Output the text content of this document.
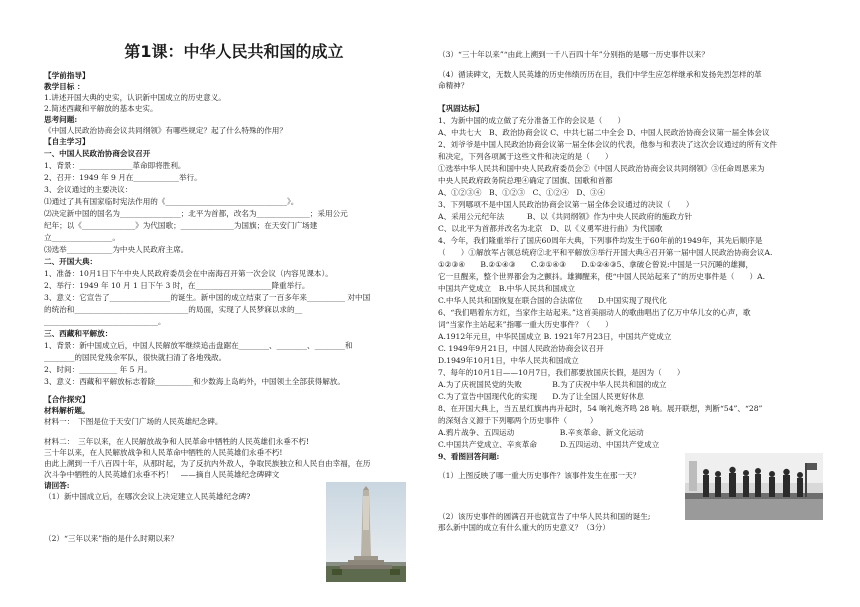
第1课：中华人民共和国的成立
【学前指导】
教学目标 ：
1.讲述开国大典的史实，认识新中国成立的历史意义。
2.简述西藏和平解放的基本史实。
思考问题:
《中国人民政治协商会议共同纲领》有哪些规定？起了什么特殊的作用？
【自主学习】
一、中国人民政治协商会议召开
1、背景：______________革命即将胜利。
2、召开：1949 年 9 月在____________举行。
3、会议通过的主要决议：
⑴通过了具有国家临时宪法作用的《________________________________》。
⑵决定新中国的国名为________________；北平为首都，改名为______________；采用公元
纪年；以《______________》为代国歌；______________为国旗；在天安门广场建
立________________。
⑶选举____________为中央人民政府主席。
二、开国大典：
1、准备：10月1日下午中央人民政府委员会在中南海召开第一次会议（内容见课本）。
2、举行：1949 年 10 月 1 日下午 3 时，在____________________降重举行。
3、意义：它宣告了________________的诞生。新中国的成立结束了一百多年来__________ 对中国
的统治和______________________________的局面，实现了人民梦寐以求的__
______________________________。
三、西藏和平解放：
1、背景：新中国成立后，中国人民解放军继续追击盘踞在________、________、________和
________的国民党残余军队，很快就扫清了各地残敌。
2、时间：__________ 年 5 月。
3、意义：西藏和平解放标志着除__________和少数海上岛屿外，中国领土全部获得解放。
【合作探究】
材料解析题。
材料一：　下图是位于天安门广场的人民英雄纪念碑。
材料二：　三年以来，在人民解放战争和人民革命中牺牲的人民英雄们永垂不朽!
三十年以来，在人民解放战争和人民革命中牺牲的人民英雄们永垂不朽!
由此上溯到一千八百四十年，从那时起，为了反抗内外敌人，争取民族独立和人民自由幸福，在历
次斗争中牺牲的人民英雄们永垂不朽！　——摘自人民英雄纪念碑碑文
请回答:
（1）新中国成立后，在哪次会议上决定建立人民英雄纪念碑?
（2）“三年以来”指的是什么时期以来？
（3）“三十年以来”“由此上溯到一千八百四十年”分别指的是哪一历史事件以来？
（4）循读碑文，无数人民英雄的历史伟绩历历在目，我们中学生应怎样继承和发扬先烈怎样的革
命精神？
【巩固达标】
1、为新中国的成立做了充分准备工作的会议是（　　）
A、中共七大　B、政治协商会议 C、中共七届二中全会 D、中国人民政治协商会议第一届全体会议
2、刘爷爷是中国人民政治协商会议第一届全体会议的代表，他参与和表决了这次会议通过的所有文件
和决定，下列各项属于这些文件和决定的是（　　）
①选举中华人民共和国中央人民政府委员会②《中国人民政治协商会议共同纲领》③任命周恩来为
中央人民政府政务院总理④确定了国旗、国歌和首都
A、①②③④　B、①②③　C、①②④　D、③④
3、下列哪项不是中国人民政治协商会议第一届全体会议通过的决议（　　）
A、采用公元纪年法　　　B、以《共同纲领》作为中央人民政府的施政方针
C、以北平为首都并改名为北京　D、以《义勇军进行曲》为代国歌
4、今年，我们隆重举行了国庆60周年大典，下列事件均发生于60年前的1949年，其先后顺序是
（　　）①解放军占领总统府②北平和平解放③举行开国大典④召开第一届中国人民政治协商会议A.
①②③④　　B.②①④③　　C.②①④③　　D.①②④③5、拿破仑曾说:中国是一只沉睡的雄狮，
它一旦醒来，整个世界都会为之颤抖。雄狮醒来，使“中国人民站起来了”的历史事件是（　　）A.
中国共产党成立　B.中华人民共和国成立
C.中华人民共和国恢复在联合国的合法席位　　D.中国实现了现代化
6、“我们唱着东方红，当家作主站起来。”这首美丽动人的歌曲唱出了亿万中华儿女的心声，歌
词“当家作主站起来”指哪一重大历史事件？（　　）
A.1912年元旦，中华民国成立 B. 1921年7月23日，中国共产党成立
C. 1949年9月21日，中国人民政治协商会议召开
D.1949年10月1日，中华人民共和国成立
7、每年的10月1日——10月7日，我们都要放国庆长假，是因为（　　）
A.为了庆祝国民党的失败　　　　B.为了庆祝中华人民共和国的成立
C.为了宣告中国现代化的实现　　D.为了让全国人民更好休息
8、在开国大典上，当五星红旗冉冉升起时，54 响礼炮齐鸣 28 响。展开联想，判断“54”、“28”
的深刻含义源于下列哪两个历史事件（　　　）
A.鸦片战争、五四运动　　　　　　B.辛亥革命、新文化运动
C.中国共产党成立、辛亥革命　　　D.五四运动、中国共产党成立
9、看图回答问题:
（1）上图反映了哪一重大历史事件？该事件发生在那一天？
（2）该历史事件的圆满召开也就宣告了中华人民共和国的诞生;
那么新中国的成立有什么重大的历史意义？（3分）
